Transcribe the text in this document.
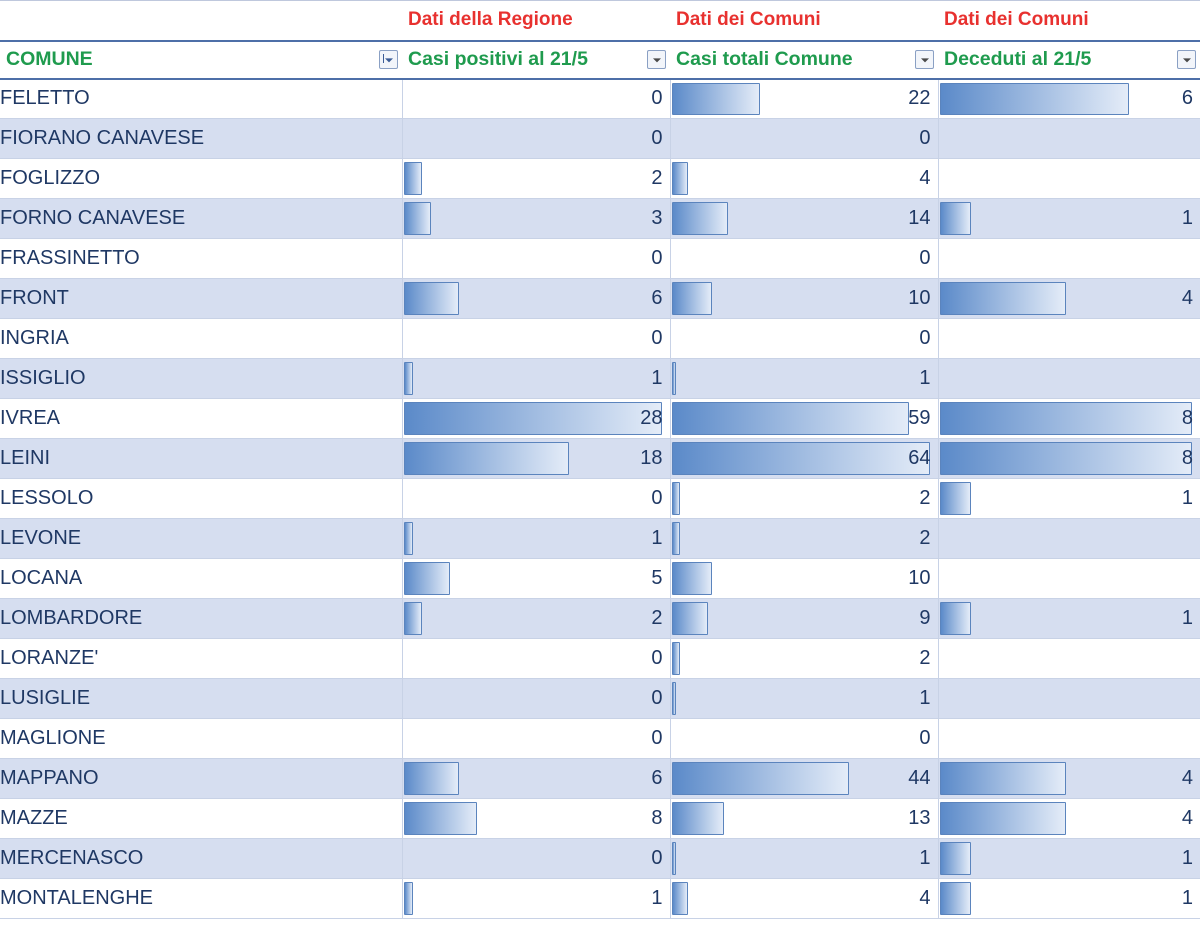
	Dati della Regione	Dati dei Comuni	Dati dei Comuni

COMUNE	Casi positivi al 21/5	Casi totali Comune	Deceduti al 21/5

FELETTO	0	22	6

FIORANO CANAVESE	0	0	

FOGLIZZO	2	4	

FORNO CANAVESE	3	14	1

FRASSINETTO	0	0	

FRONT	6	10	4

INGRIA	0	0	

ISSIGLIO	1	1	

IVREA	28	59	8

LEINI	18	64	8

LESSOLO	0	2	1

LEVONE	1	2	

LOCANA	5	10	

LOMBARDORE	2	9	1

LORANZE'	0	2	

LUSIGLIE	0	1	

MAGLIONE	0	0	

MAPPANO	6	44	4

MAZZE	8	13	4

MERCENASCO	0	1	1

MONTALENGHE	1	4	1
